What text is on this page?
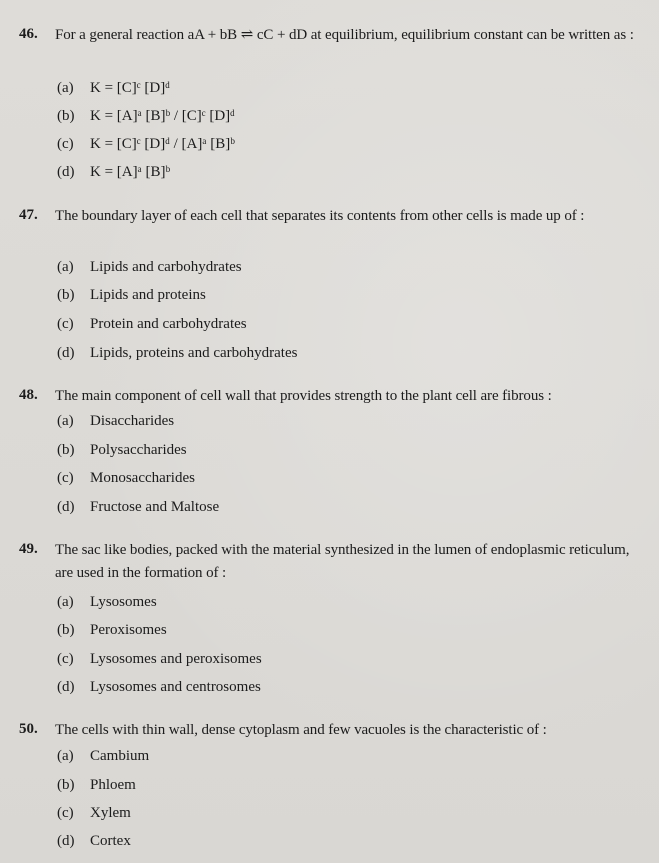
46. For a general reaction aA + bB ⇌ cC + dD at equilibrium, equilibrium constant can be written as :
(a) K = [C]ᶜ [D]ᵈ
(b) K = [A]ᵃ [B]ᵇ / [C]ᶜ [D]ᵈ
(c) K = [C]ᶜ [D]ᵈ / [A]ᵃ [B]ᵇ
(d) K = [A]ᵃ [B]ᵇ
47. The boundary layer of each cell that separates its contents from other cells is made up of :
(a) Lipids and carbohydrates
(b) Lipids and proteins
(c) Protein and carbohydrates
(d) Lipids, proteins and carbohydrates
48. The main component of cell wall that provides strength to the plant cell are fibrous :
(a) Disaccharides
(b) Polysaccharides
(c) Monosaccharides
(d) Fructose and Maltose
49. The sac like bodies, packed with the material synthesized in the lumen of endoplasmic reticulum, are used in the formation of :
(a) Lysosomes
(b) Peroxisomes
(c) Lysosomes and peroxisomes
(d) Lysosomes and centrosomes
50. The cells with thin wall, dense cytoplasm and few vacuoles is the characteristic of :
(a) Cambium
(b) Phloem
(c) Xylem
(d) Cortex
